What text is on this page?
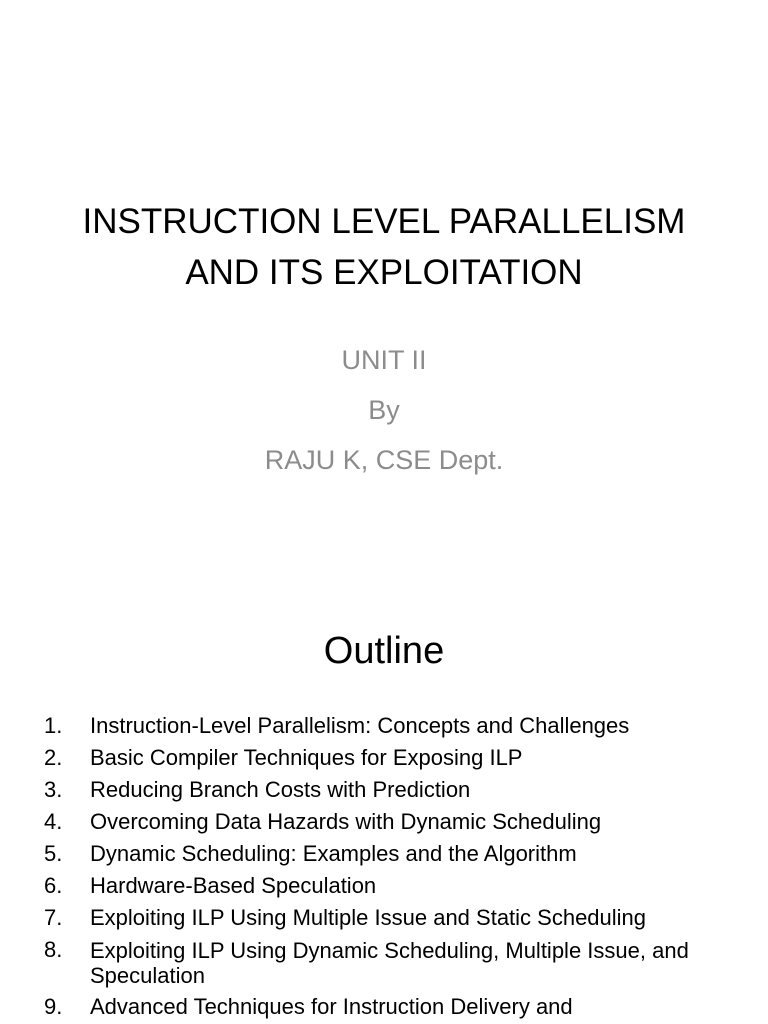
INSTRUCTION LEVEL PARALLELISM
AND ITS EXPLOITATION
UNIT II
By
RAJU K, CSE Dept.
Outline
1.	Instruction-Level Parallelism: Concepts and Challenges
2.	Basic Compiler Techniques for Exposing ILP
3.	Reducing Branch Costs with Prediction
4.	Overcoming Data Hazards with Dynamic Scheduling
5.	Dynamic Scheduling: Examples and the Algorithm
6.	Hardware-Based Speculation
7.	Exploiting ILP Using Multiple Issue and Static Scheduling
8.	Exploiting ILP Using Dynamic Scheduling, Multiple Issue, and Speculation
9.	Advanced Techniques for Instruction Delivery and
